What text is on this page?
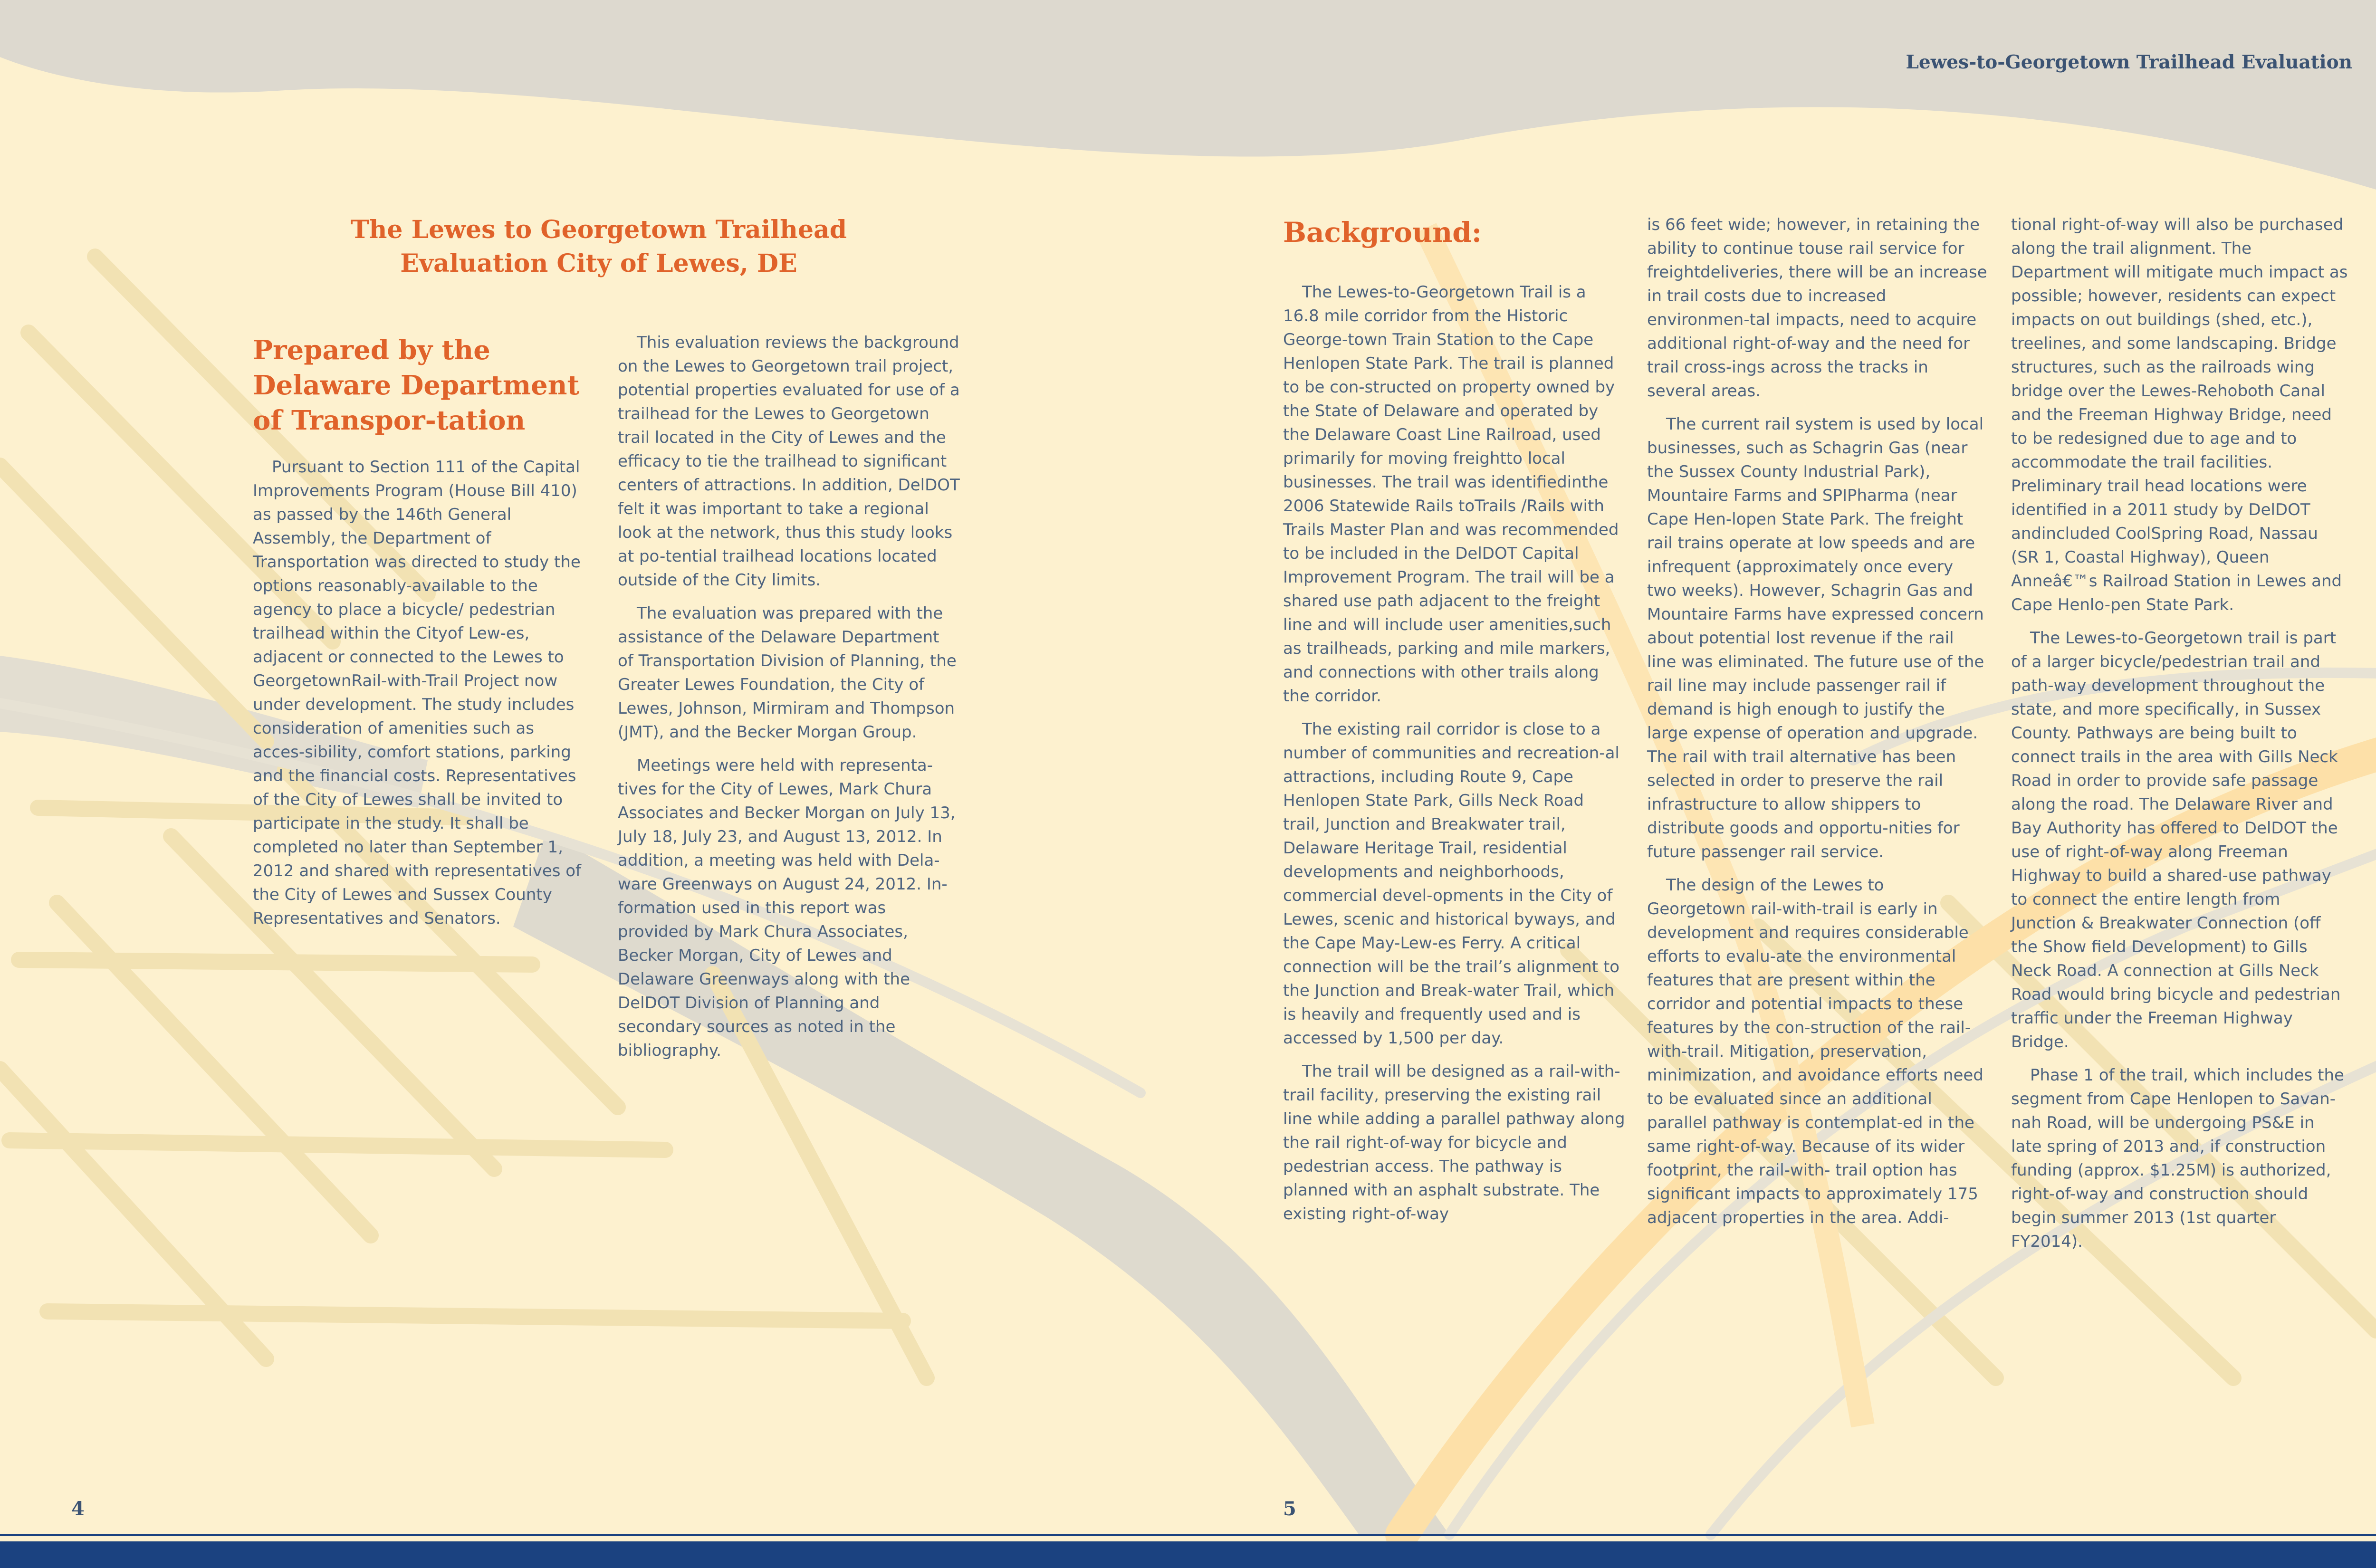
Lewes-to-Georgetown Trailhead Evaluation
The Lewes to Georgetown Trailhead Evaluation City of Lewes, DE
Prepared by the Delaware Department of Transpor-tation

Pursuant to Section 111 of the Capital Improvements Program (House Bill 410) as passed by the 146th General Assembly, the Department of Transportation was directed to study the options reasonably-available to the agency to place a bicycle/ pedestrian trailhead within the Cityof Lew-es, adjacent or connected to the Lewes to GeorgetownRail-with-Trail Project now under development. The study includes consideration of amenities such as acces-sibility, comfort stations, parking and the financial costs. Representatives of the City of Lewes shall be invited to participate in the study. It shall be completed no later than September 1, 2012 and shared with representatives of the City of Lewes and Sussex County Representatives and Senators.

This evaluation reviews the background on the Lewes to Georgetown trail project, potential properties evaluated for use of a trailhead for the Lewes to Georgetown trail located in the City of Lewes and the efficacy to tie the trailhead to significant centers of attractions. In addition, DelDOT felt it was important to take a regional look at the network, thus this study looks at po-tential trailhead locations located outside of the City limits.

The evaluation was prepared with the assistance of the Delaware Department of Transportation Division of Planning, the Greater Lewes Foundation, the City of Lewes, Johnson, Mirmiram and Thompson (JMT), and the Becker Morgan Group.

Meetings were held with representa-tives for the City of Lewes, Mark Chura Associates and Becker Morgan on July 13, July 18, July 23, and August 13, 2012. In addition, a meeting was held with Dela-ware Greenways on August 24, 2012. In-formation used in this report was provided by Mark Chura Associates, Becker Morgan, City of Lewes and Delaware Greenways along with the DelDOT Division of Planning and secondary sources as noted in the bibliography.

Background:

The Lewes-to-Georgetown Trail is a 16.8 mile corridor from the Historic George-town Train Station to the Cape Henlopen State Park. The trail is planned to be con-structed on property owned by the State of Delaware and operated by the Delaware Coast Line Railroad, used primarily for moving freightto local businesses. The trail was identifiedinthe 2006 Statewide Rails toTrails /Rails with Trails Master Plan and was recommended to be included in the DelDOT Capital Improvement Program. The trail will be a shared use path adjacent to the freight line and will include user amenities,such as trailheads, parking and mile markers, and connections with other trails along the corridor.

The existing rail corridor is close to a number of communities and recreation-al attractions, including Route 9, Cape Henlopen State Park, Gills Neck Road trail, Junction and Breakwater trail, Delaware Heritage Trail, residential developments and neighborhoods, commercial devel-opments in the City of Lewes, scenic and historical byways, and the Cape May-Lew-es Ferry. A critical connection will be the trail’s alignment to the Junction and Break-water Trail, which is heavily and frequently used and is accessed by 1,500 per day.

The trail will be designed as a rail-with-trail facility, preserving the existing rail line while adding a parallel pathway along the rail right-of-way for bicycle and pedestrian access. The pathway is planned with an asphalt substrate. The existing right-of-way

is 66 feet wide; however, in retaining the ability to continue touse rail service for freightdeliveries, there will be an increase in trail costs due to increased environmen-tal impacts, need to acquire additional right-of-way and the need for trail cross-ings across the tracks in several areas.

The current rail system is used by local businesses, such as Schagrin Gas (near the Sussex County Industrial Park), Mountaire Farms and SPIPharma (near Cape Hen-lopen State Park. The freight rail trains operate at low speeds and are infrequent (approximately once every two weeks). However, Schagrin Gas and Mountaire Farms have expressed concern about potential lost revenue if the rail line was eliminated. The future use of the rail line may include passenger rail if demand is high enough to justify the large expense of operation and upgrade. The rail with trail alternative has been selected in order to preserve the rail infrastructure to allow shippers to distribute goods and opportu-nities for future passenger rail service.

The design of the Lewes to Georgetown rail-with-trail is early in development and requires considerable efforts to evalu-ate the environmental features that are present within the corridor and potential impacts to these features by the con-struction of the rail-with-trail. Mitigation, preservation, minimization, and avoidance efforts need to be evaluated since an additional parallel pathway is contemplat-ed in the same right-of-way. Because of its wider footprint, the rail-with- trail option has significant impacts to approximately 175 adjacent properties in the area. Addi-

tional right-of-way will also be purchased along the trail alignment. The Department will mitigate much impact as possible; however, residents can expect impacts on out buildings (shed, etc.), treelines, and some landscaping. Bridge structures, such as the railroads wing bridge over the Lewes-Rehoboth Canal and the Freeman Highway Bridge, need to be redesigned due to age and to accommodate the trail facilities. Preliminary trail head locations were identified in a 2011 study by DelDOT andincluded CoolSpring Road, Nassau (SR 1, Coastal Highway), Queen Anneâ€™s Railroad Station in Lewes and Cape Henlo-pen State Park.

The Lewes-to-Georgetown trail is part of a larger bicycle/pedestrian trail and path-way development throughout the state, and more specifically, in Sussex County. Pathways are being built to connect trails in the area with Gills Neck Road in order to provide safe passage along the road. The Delaware River and Bay Authority has offered to DelDOT the use of right-of-way along Freeman Highway to build a shared-use pathway to connect the entire length from Junction & Breakwater Connection (off the Show field Development) to Gills Neck Road. A connection at Gills Neck Road would bring bicycle and pedestrian traffic under the Freeman Highway Bridge.

Phase 1 of the trail, which includes the segment from Cape Henlopen to Savan-nah Road, will be undergoing PS&E in late spring of 2013 and, if construction funding (approx. $1.25M) is authorized, right-of-way and construction should begin summer 2013 (1st quarter FY2014).

4	5
